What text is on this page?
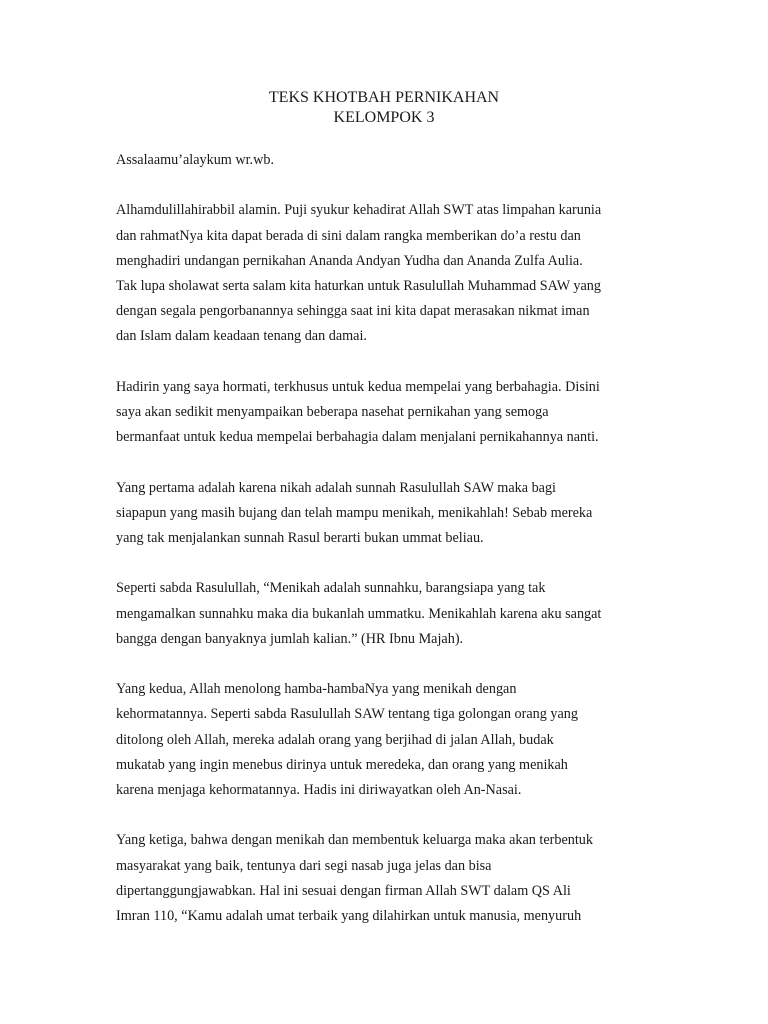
TEKS KHOTBAH PERNIKAHAN
KELOMPOK 3

Assalaamu’alaykum wr.wb.

Alhamdulillahirabbil alamin. Puji syukur kehadirat Allah SWT atas limpahan karunia
dan rahmatNya kita dapat berada di sini dalam rangka memberikan do’a restu dan
menghadiri undangan pernikahan Ananda Andyan Yudha dan Ananda Zulfa Aulia.
Tak lupa sholawat serta salam kita haturkan untuk Rasulullah Muhammad SAW yang
dengan segala pengorbanannya sehingga saat ini kita dapat merasakan nikmat iman
dan Islam dalam keadaan tenang dan damai.

Hadirin yang saya hormati, terkhusus untuk kedua mempelai yang berbahagia. Disini
saya akan sedikit menyampaikan beberapa nasehat pernikahan yang semoga
bermanfaat untuk kedua mempelai berbahagia dalam menjalani pernikahannya nanti.

Yang pertama adalah karena nikah adalah sunnah Rasulullah SAW maka bagi
siapapun yang masih bujang dan telah mampu menikah, menikahlah! Sebab mereka
yang tak menjalankan sunnah Rasul berarti bukan ummat beliau.

Seperti sabda Rasulullah, “Menikah adalah sunnahku, barangsiapa yang tak
mengamalkan sunnahku maka dia bukanlah ummatku. Menikahlah karena aku sangat
bangga dengan banyaknya jumlah kalian.” (HR Ibnu Majah).

Yang kedua, Allah menolong hamba-hambaNya yang menikah dengan
kehormatannya. Seperti sabda Rasulullah SAW tentang tiga golongan orang yang
ditolong oleh Allah, mereka adalah orang yang berjihad di jalan Allah, budak
mukatab yang ingin menebus dirinya untuk meredeka, dan orang yang menikah
karena menjaga kehormatannya. Hadis ini diriwayatkan oleh An-Nasai.

Yang ketiga, bahwa dengan menikah dan membentuk keluarga maka akan terbentuk
masyarakat yang baik, tentunya dari segi nasab juga jelas dan bisa
dipertanggungjawabkan. Hal ini sesuai dengan firman Allah SWT dalam QS Ali
Imran 110, “Kamu adalah umat terbaik yang dilahirkan untuk manusia, menyuruh
